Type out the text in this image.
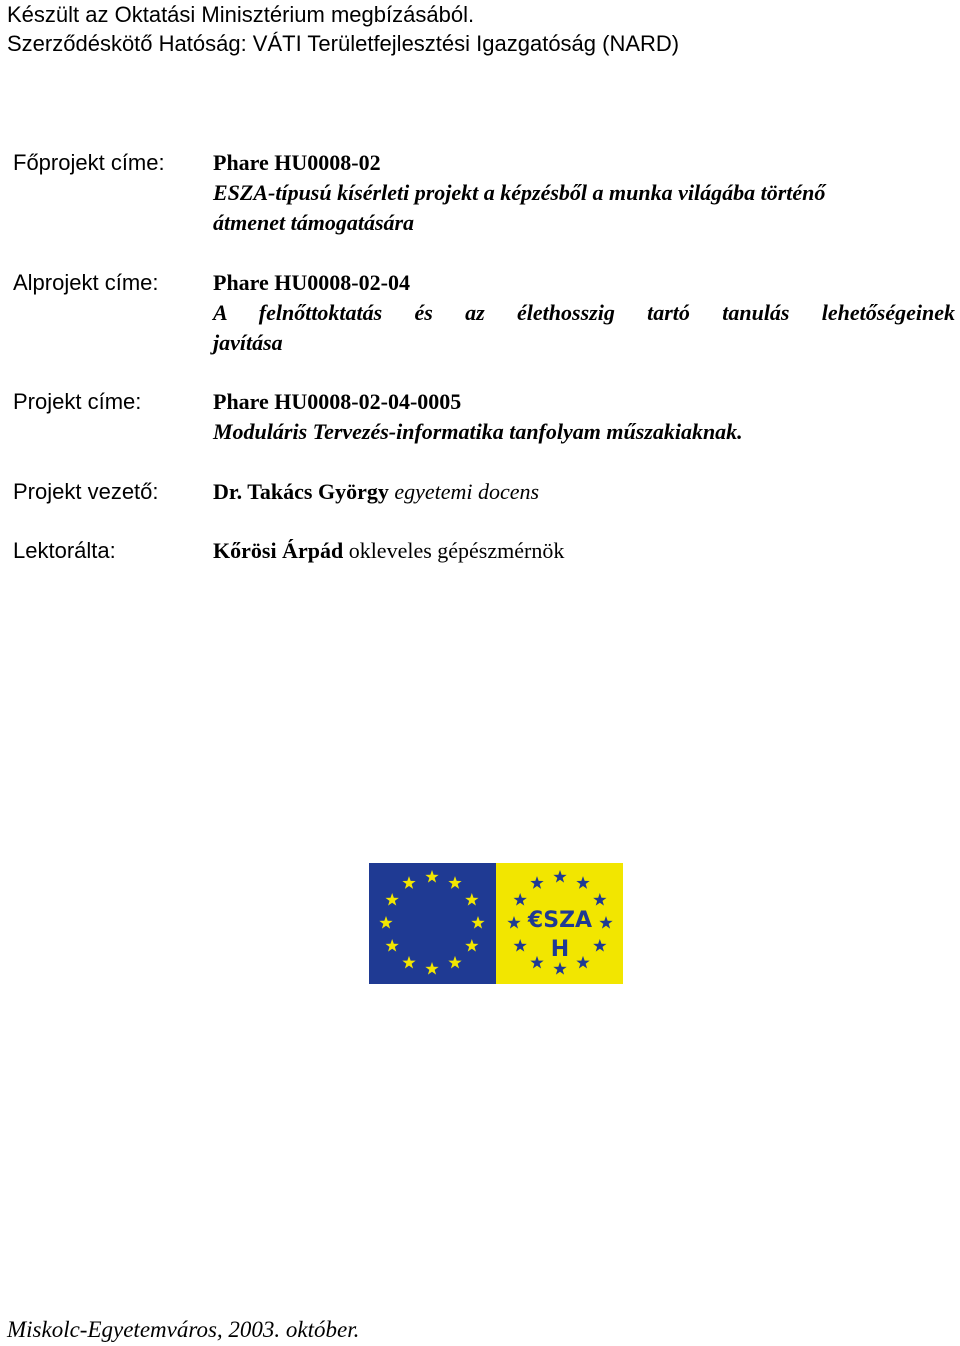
Készült az Oktatási Minisztérium megbízásából.
Szerződéskötő Hatóság: VÁTI Területfejlesztési Igazgatóság (NARD)
Főprojekt címe: Phare HU0008-02
ESZA-típusú kísérleti projekt a képzésből a munka világába történő
átmenet támogatására
Alprojekt címe: Phare HU0008-02-04
A felnőttoktatás és az élethosszig tartó tanulás lehetőségeinek
javítása
Projekt címe:	Phare HU0008-02-04-0005
Moduláris Tervezés-informatika tanfolyam műszakiaknak.
Projekt vezető: Dr. Takács György egyetemi docens
Lektorálta:	Kőrösi Árpád okleveles gépészmérnök
€SZA
H
Miskolc-Egyetemváros, 2003. október.
